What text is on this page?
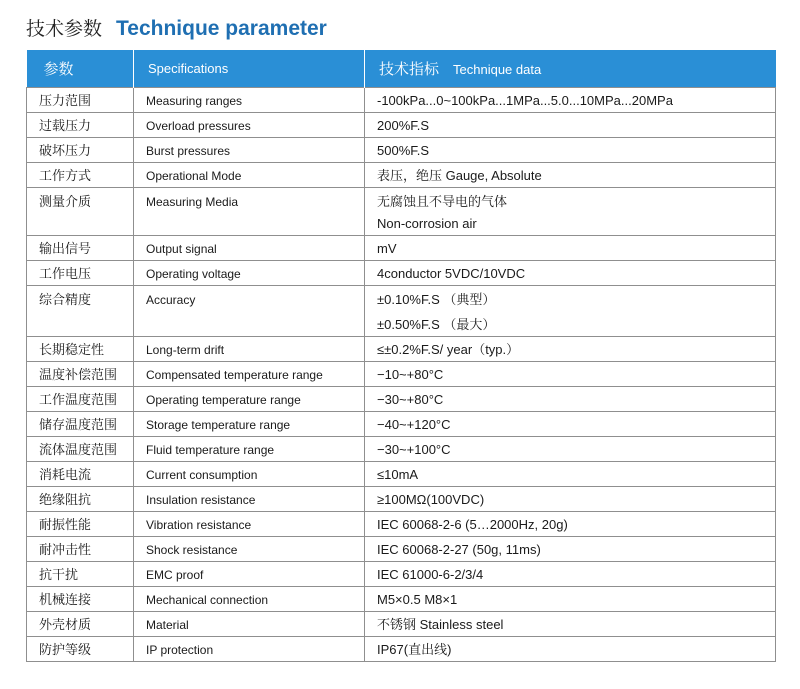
技术参数 Technique parameter
参数	Specifications	技术指标 Technique data
压力范围	Measuring ranges	-100kPa...0~100kPa...1MPa...5.0...10MPa...20MPa

过载压力	Overload pressures	200%F.S

破坏压力	Burst pressures	500%F.S

工作方式	Operational Mode	表压，绝压 Gauge, Absolute

测量介质	Measuring Media	无腐蚀且不导电的气体
Non-corrosion air

输出信号	Output signal	mV

工作电压	Operating voltage	4conductor 5VDC/10VDC

综合精度	Accuracy	±0.10%F.S （典型）
±0.50%F.S （最大）

长期稳定性	Long-term drift	≤±0.2%F.S/ year（typ.）

温度补偿范围	Compensated temperature range	−10~+80°C

工作温度范围	Operating temperature range	−30~+80°C

储存温度范围	Storage temperature range	−40~+120°C

流体温度范围	Fluid temperature range	−30~+100°C

消耗电流	Current consumption	≤10mA

绝缘阻抗	Insulation resistance	≥100MΩ(100VDC)

耐振性能	Vibration resistance	IEC 60068-2-6 (5…2000Hz, 20g)

耐冲击性	Shock resistance	IEC 60068-2-27 (50g, 11ms)

抗干扰	EMC proof	IEC 61000-6-2/3/4

机械连接	Mechanical connection	M5×0.5 M8×1

外壳材质	Material	不锈钢 Stainless steel

防护等级	IP protection	IP67(直出线)
